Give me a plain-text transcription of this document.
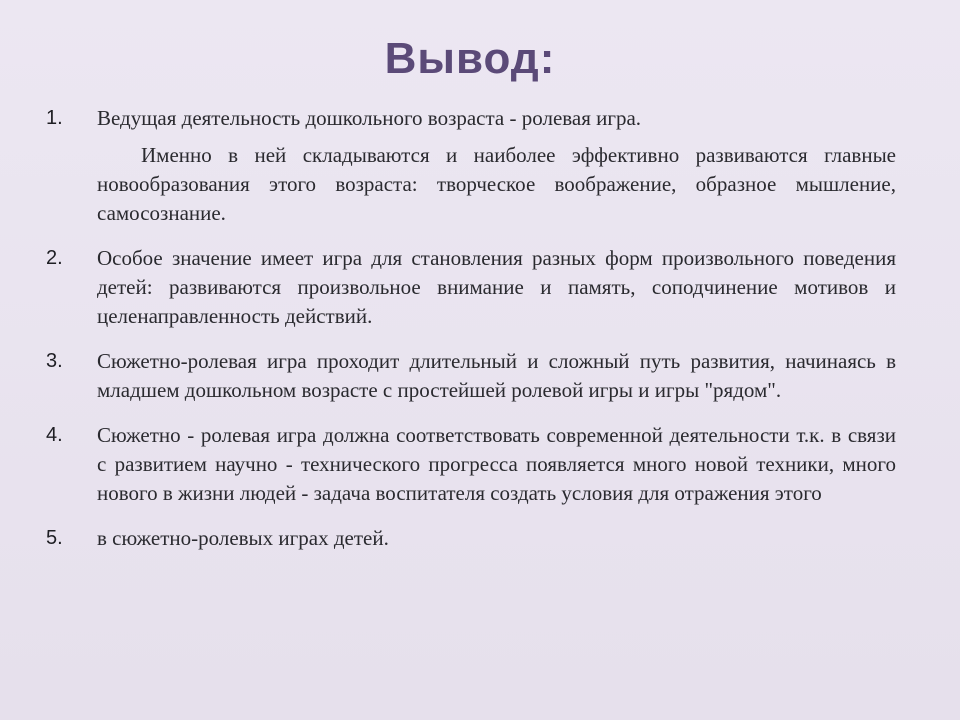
Вывод:
1. Ведущая деятельность дошкольного возраста - ролевая игра.

Именно в ней складываются и наиболее эффективно развиваются главные новообразования этого возраста: творческое воображение, образное мышление, самосознание.

2. Особое значение имеет игра для становления разных форм произвольного поведения детей: развиваются произвольное внимание и память, соподчинение мотивов и целенаправленность действий.

3. Сюжетно-ролевая игра проходит длительный и сложный путь развития, начинаясь в младшем дошкольном возрасте с простейшей ролевой игры и игры "рядом".

4. Сюжетно - ролевая игра должна соответствовать современной деятельности т.к. в связи с развитием научно - технического прогресса появляется много новой техники, много нового в жизни людей - задача воспитателя создать условия для отражения этого

5. в сюжетно-ролевых играх детей.
